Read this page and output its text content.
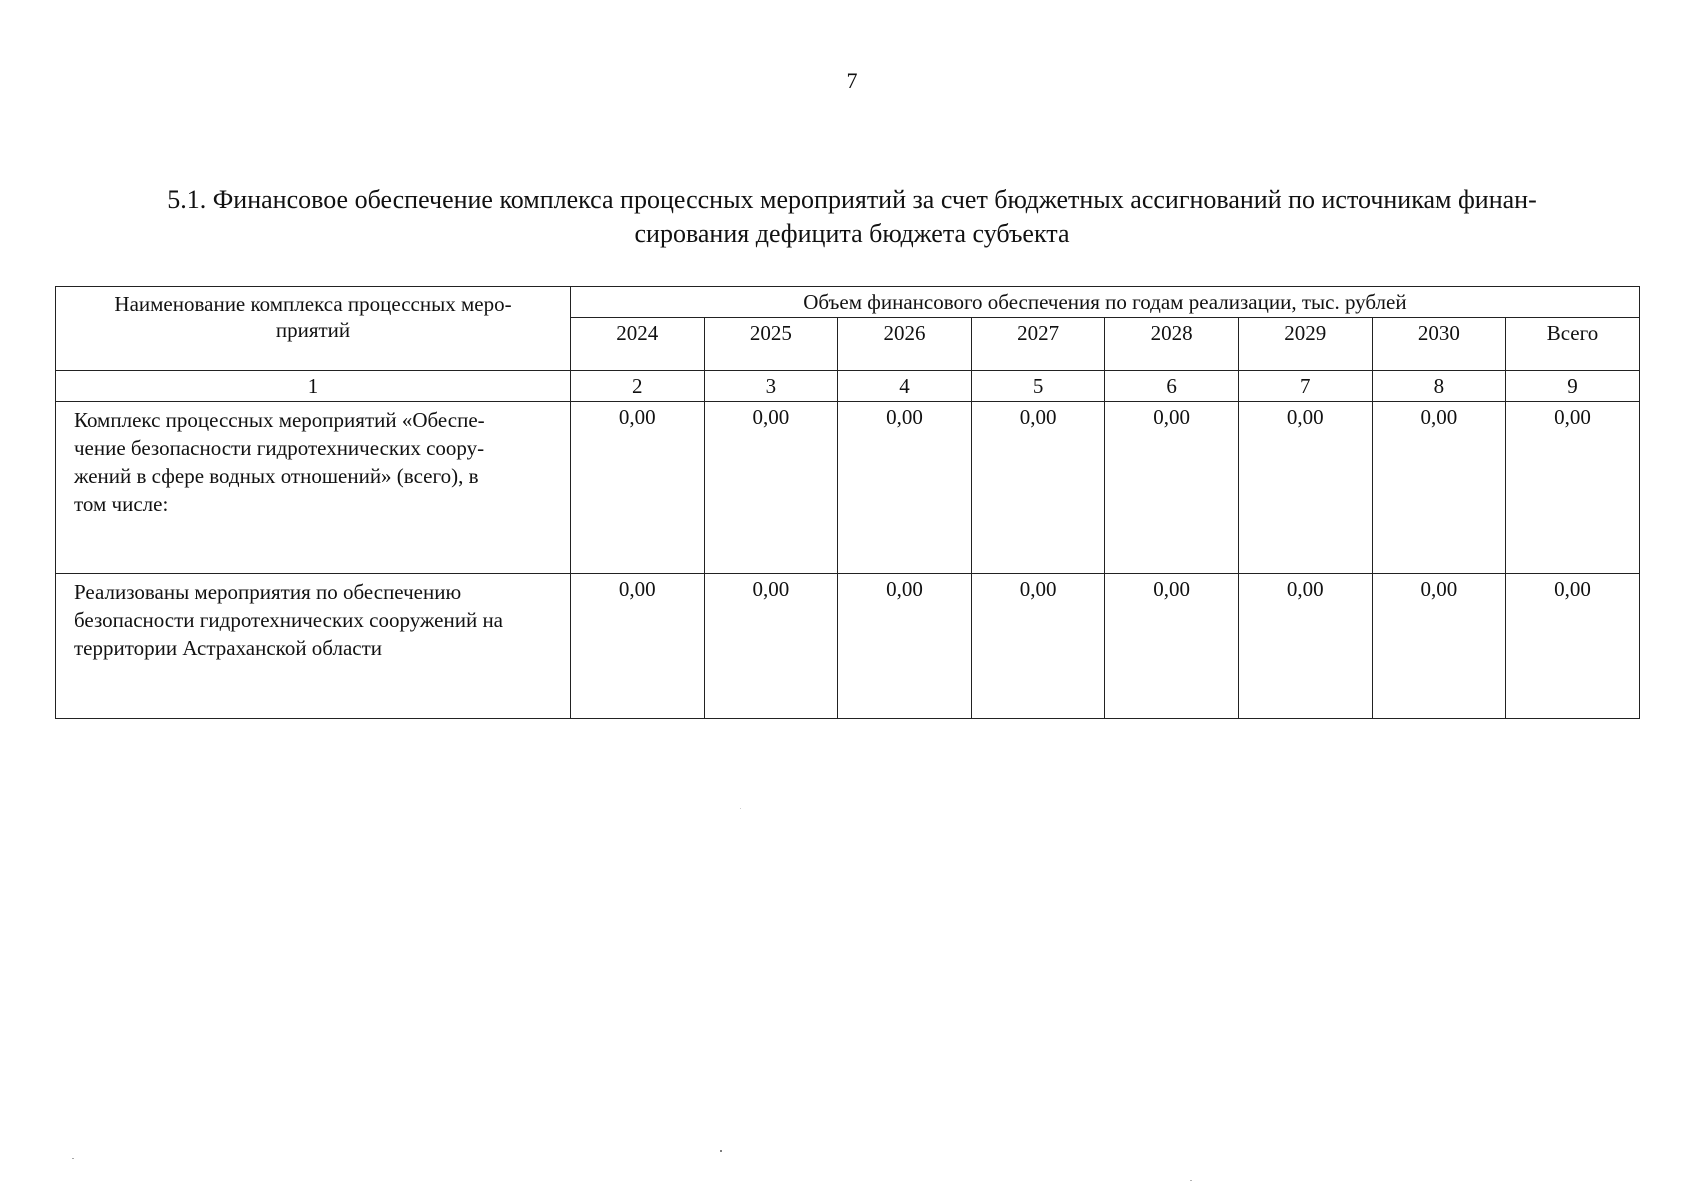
7
5.1. Финансовое обеспечение комплекса процессных мероприятий за счет бюджетных ассигнований по источникам финан-
сирования дефицита бюджета субъекта
Наименование комплекса процессных меро-
приятий	Объем финансового обеспечения по годам реализации, тыс. рублей							
	2024	2025	2026	2027	2028	2029	2030	Всего
1	2	3	4	5	6	7	8	9

Комплекс процессных мероприятий «Обеспе-
чение безопасности гидротехнических соору-
жений в сфере водных отношений» (всего), в
том числе:	0,00	0,00	0,00	0,00	0,00	0,00	0,00	0,00

Реализованы мероприятия по обеспечению
безопасности гидротехнических сооружений на
территории Астраханской области	0,00	0,00	0,00	0,00	0,00	0,00	0,00	0,00
